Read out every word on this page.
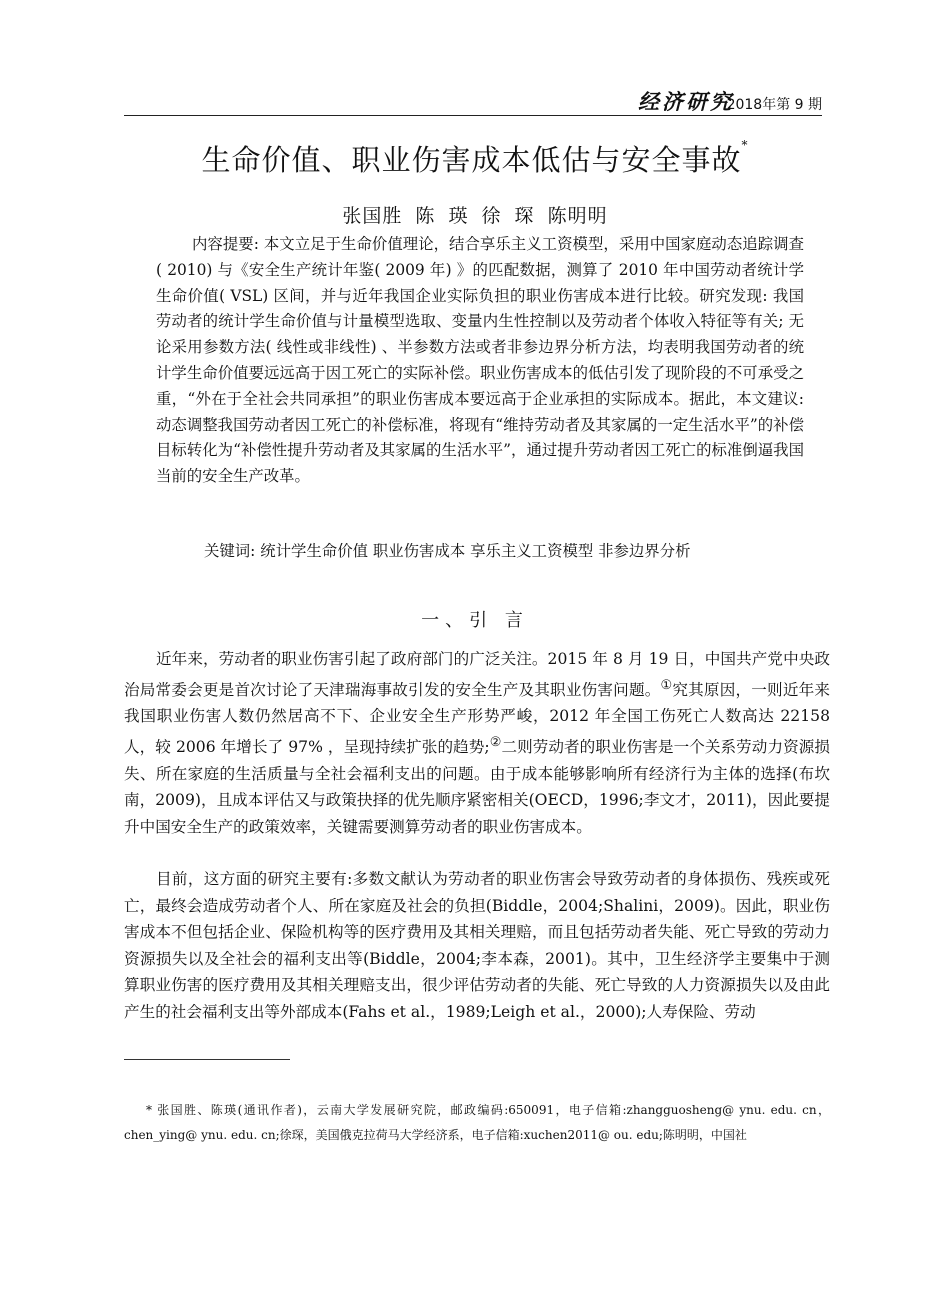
经济研究
2018年第 9 期
生命价值、职业伤害成本低估与安全事故*
张国胜 陈 瑛 徐 琛 陈明明

内容提要: 本文立足于生命价值理论，结合享乐主义工资模型，采用中国家庭动态追踪调查( 2010) 与《安全生产统计年鉴( 2009 年) 》的匹配数据，测算了 2010 年中国劳动者统计学生命价值( VSL) 区间，并与近年我国企业实际负担的职业伤害成本进行比较。研究发现: 我国劳动者的统计学生命价值与计量模型选取、变量内生性控制以及劳动者个体收入特征等有关; 无论采用参数方法( 线性或非线性) 、半参数方法或者非参边界分析方法，均表明我国劳动者的统计学生命价值要远远高于因工死亡的实际补偿。职业伤害成本的低估引发了现阶段的不可承受之重，“外在于全社会共同承担”的职业伤害成本要远高于企业承担的实际成本。据此，本文建议: 动态调整我国劳动者因工死亡的补偿标准，将现有“维持劳动者及其家属的一定生活水平”的补偿目标转化为“补偿性提升劳动者及其家属的生活水平”，通过提升劳动者因工死亡的标准倒逼我国当前的安全生产改革。

关键词: 统计学生命价值 职业伤害成本 享乐主义工资模型 非参边界分析

一、引 言

近年来，劳动者的职业伤害引起了政府部门的广泛关注。2015 年 8 月 19 日，中国共产党中央政治局常委会更是首次讨论了天津瑞海事故引发的安全生产及其职业伤害问题。①究其原因，一则近年来我国职业伤害人数仍然居高不下、企业安全生产形势严峻，2012 年全国工伤死亡人数高达 22158 人，较 2006 年增长了 97% ，呈现持续扩张的趋势;②二则劳动者的职业伤害是一个关系劳动力资源损失、所在家庭的生活质量与全社会福利支出的问题。由于成本能够影响所有经济行为主体的选择(布坎南，2009)，且成本评估又与政策抉择的优先顺序紧密相关(OECD，1996;李文才，2011)，因此要提升中国安全生产的政策效率，关键需要测算劳动者的职业伤害成本。

目前，这方面的研究主要有:多数文献认为劳动者的职业伤害会导致劳动者的身体损伤、残疾或死亡，最终会造成劳动者个人、所在家庭及社会的负担(Biddle，2004;Shalini，2009)。因此，职业伤害成本不但包括企业、保险机构等的医疗费用及其相关理赔，而且包括劳动者失能、死亡导致的劳动力资源损失以及全社会的福利支出等(Biddle，2004;李本森，2001)。其中，卫生经济学主要集中于测算职业伤害的医疗费用及其相关理赔支出，很少评估劳动者的失能、死亡导致的人力资源损失以及由此产生的社会福利支出等外部成本(Fahs et al.，1989;Leigh et al.，2000);人寿保险、劳动

* 张国胜、陈瑛(通讯作者)，云南大学发展研究院，邮政编码:650091，电子信箱:zhangguosheng@ ynu. edu. cn，chen_ying@ ynu. edu. cn;徐琛，美国俄克拉荷马大学经济系，电子信箱:xuchen2011@ ou. edu;陈明明，中国社
